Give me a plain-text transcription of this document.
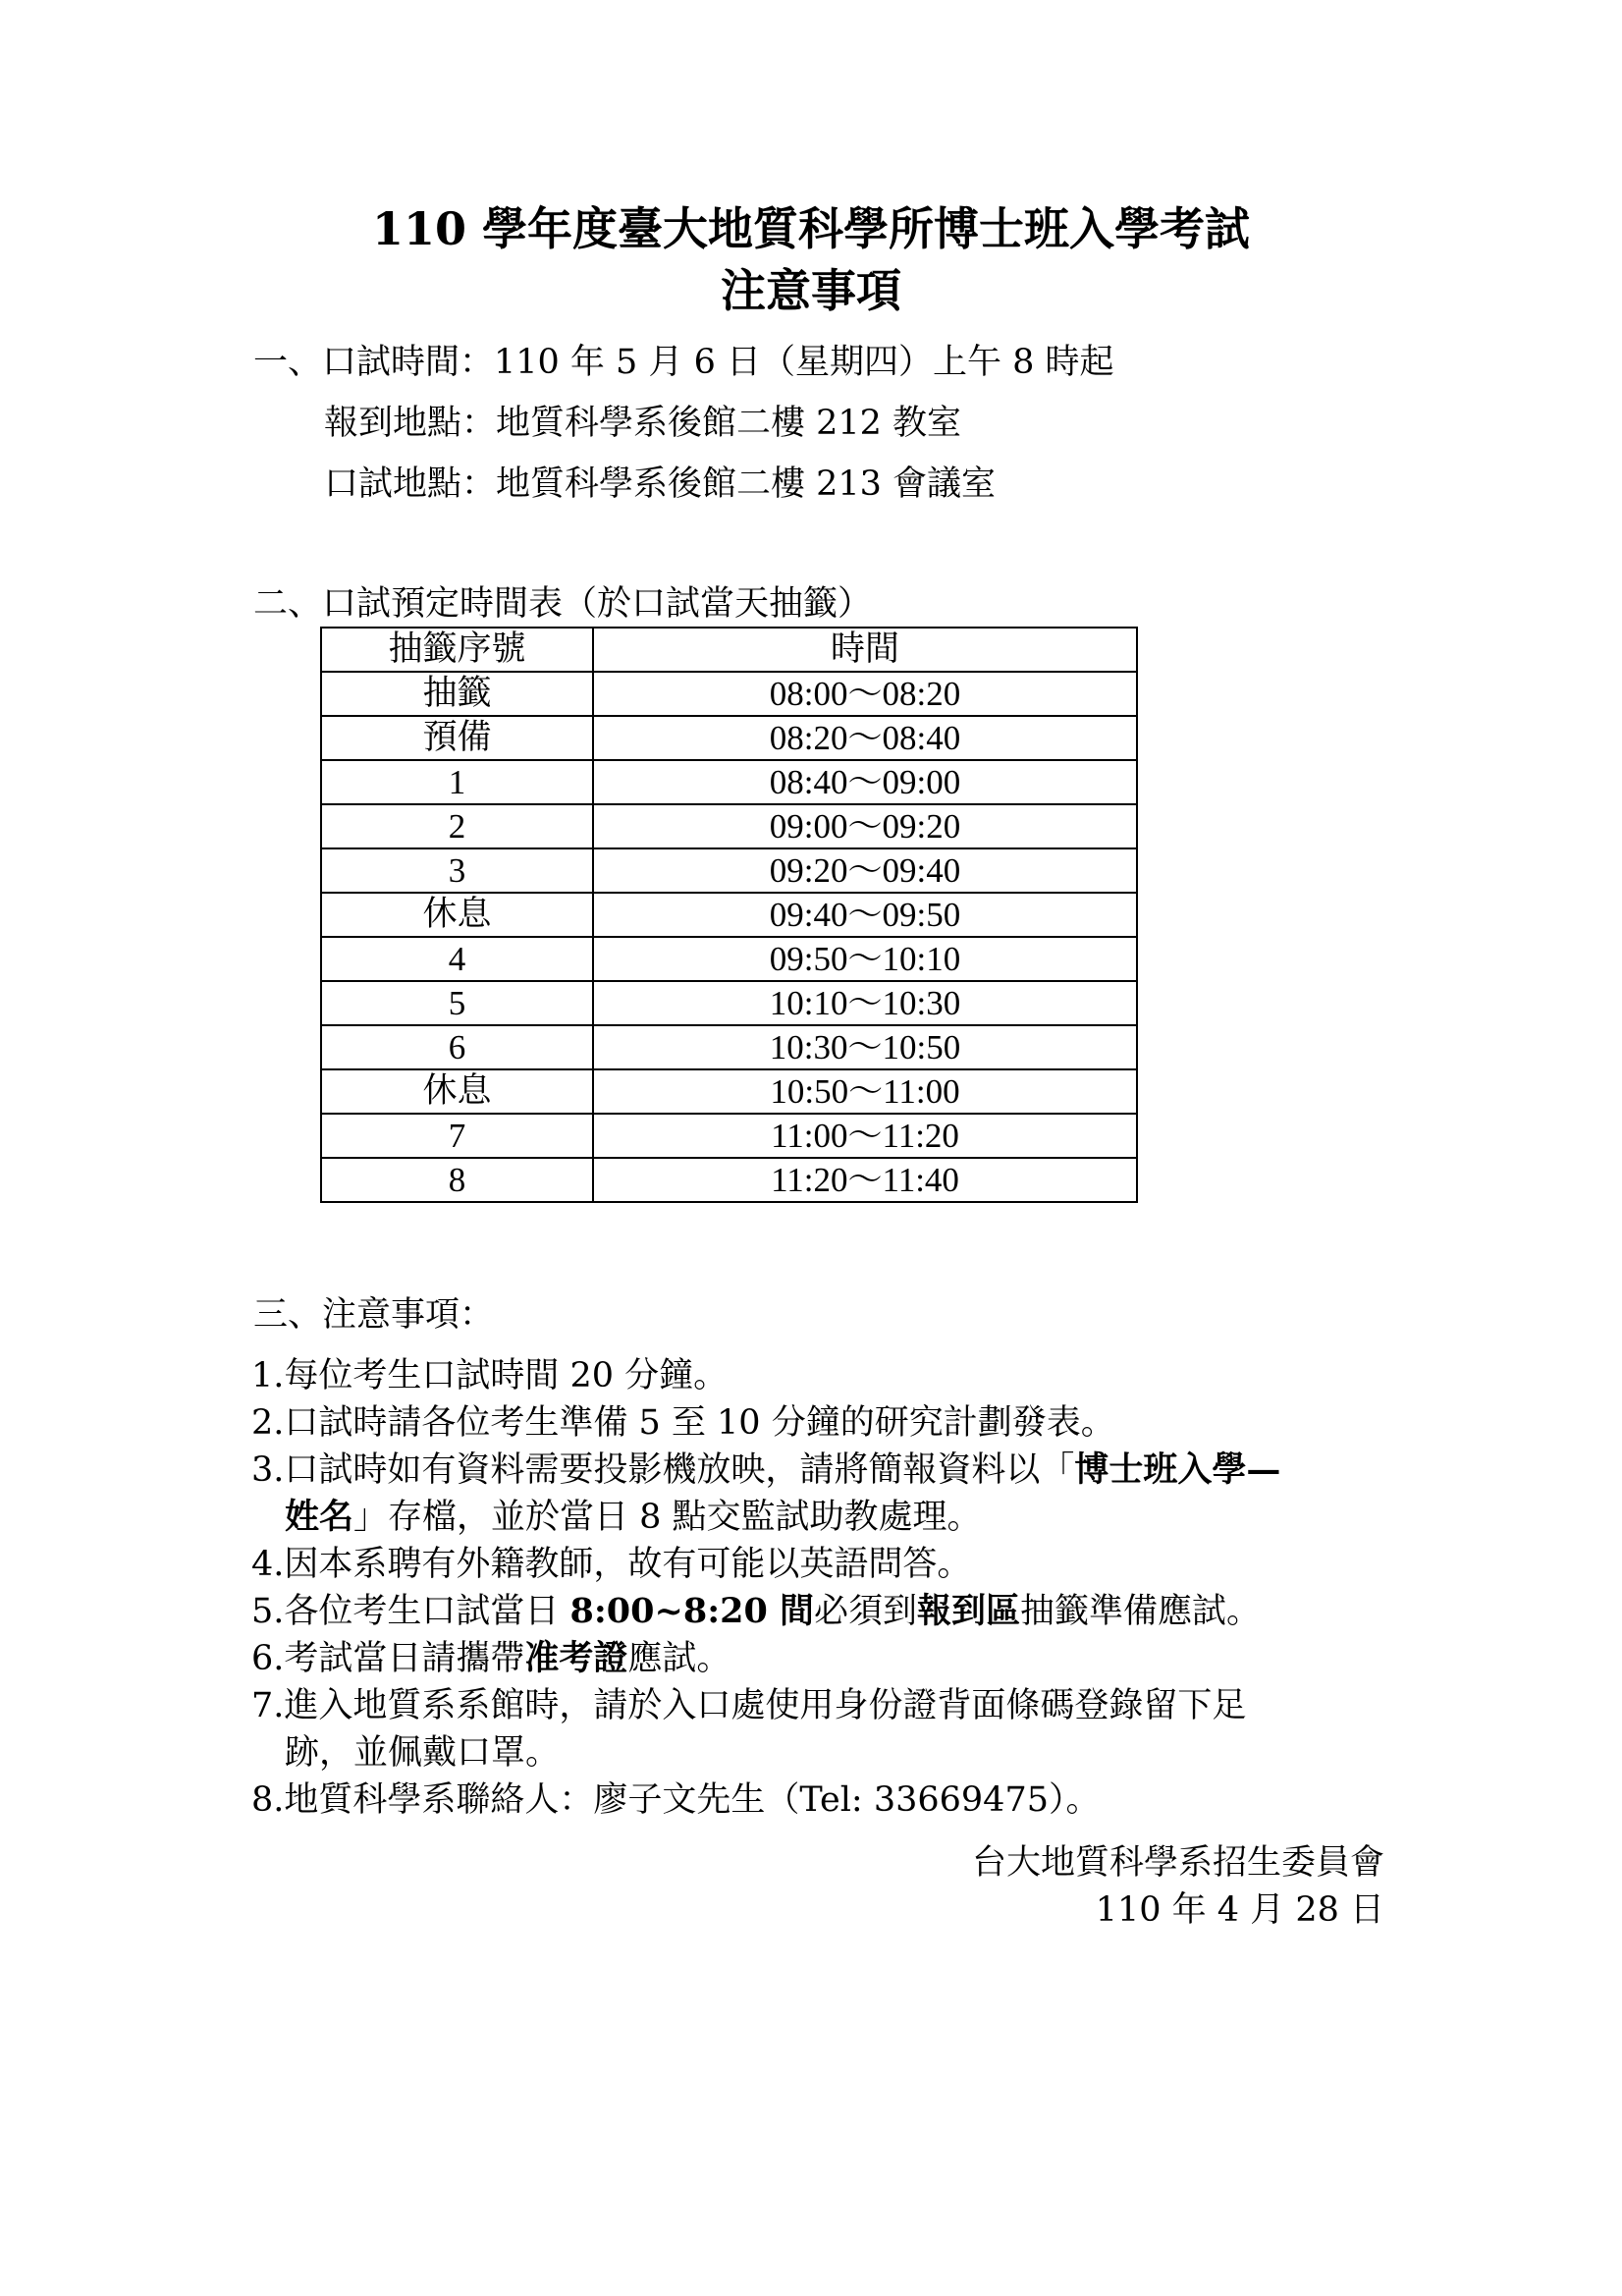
110 學年度臺大地質科學所博士班入學考試
注意事項
一、口試時間：110 年 5 月 6 日（星期四）上午 8 時起
報到地點：地質科學系後館二樓 212 教室
口試地點：地質科學系後館二樓 213 會議室
二、口試預定時間表（於口試當天抽籤）
抽籤序號	時間
抽籤	08:00～08:20
預備	08:20～08:40
1	08:40～09:00
2	09:00～09:20
3	09:20～09:40
休息	09:40～09:50
4	09:50～10:10
5	10:10～10:30
6	10:30～10:50
休息	10:50～11:00
7	11:00～11:20
8	11:20～11:40
三、注意事項：
1.每位考生口試時間 20 分鐘。
2.口試時請各位考生準備 5 至 10 分鐘的研究計劃發表。
3.口試時如有資料需要投影機放映，請將簡報資料以「博士班入學—
姓名」存檔，並於當日 8 點交監試助教處理。
4.因本系聘有外籍教師，故有可能以英語問答。
5.各位考生口試當日 8:00~8:20 間必須到報到區抽籤準備應試。
6.考試當日請攜帶准考證應試。
7.進入地質系系館時，請於入口處使用身份證背面條碼登錄留下足
跡，並佩戴口罩。
8.地質科學系聯絡人：廖子文先生（Tel: 33669475）。
台大地質科學系招生委員會
110 年 4 月 28 日
